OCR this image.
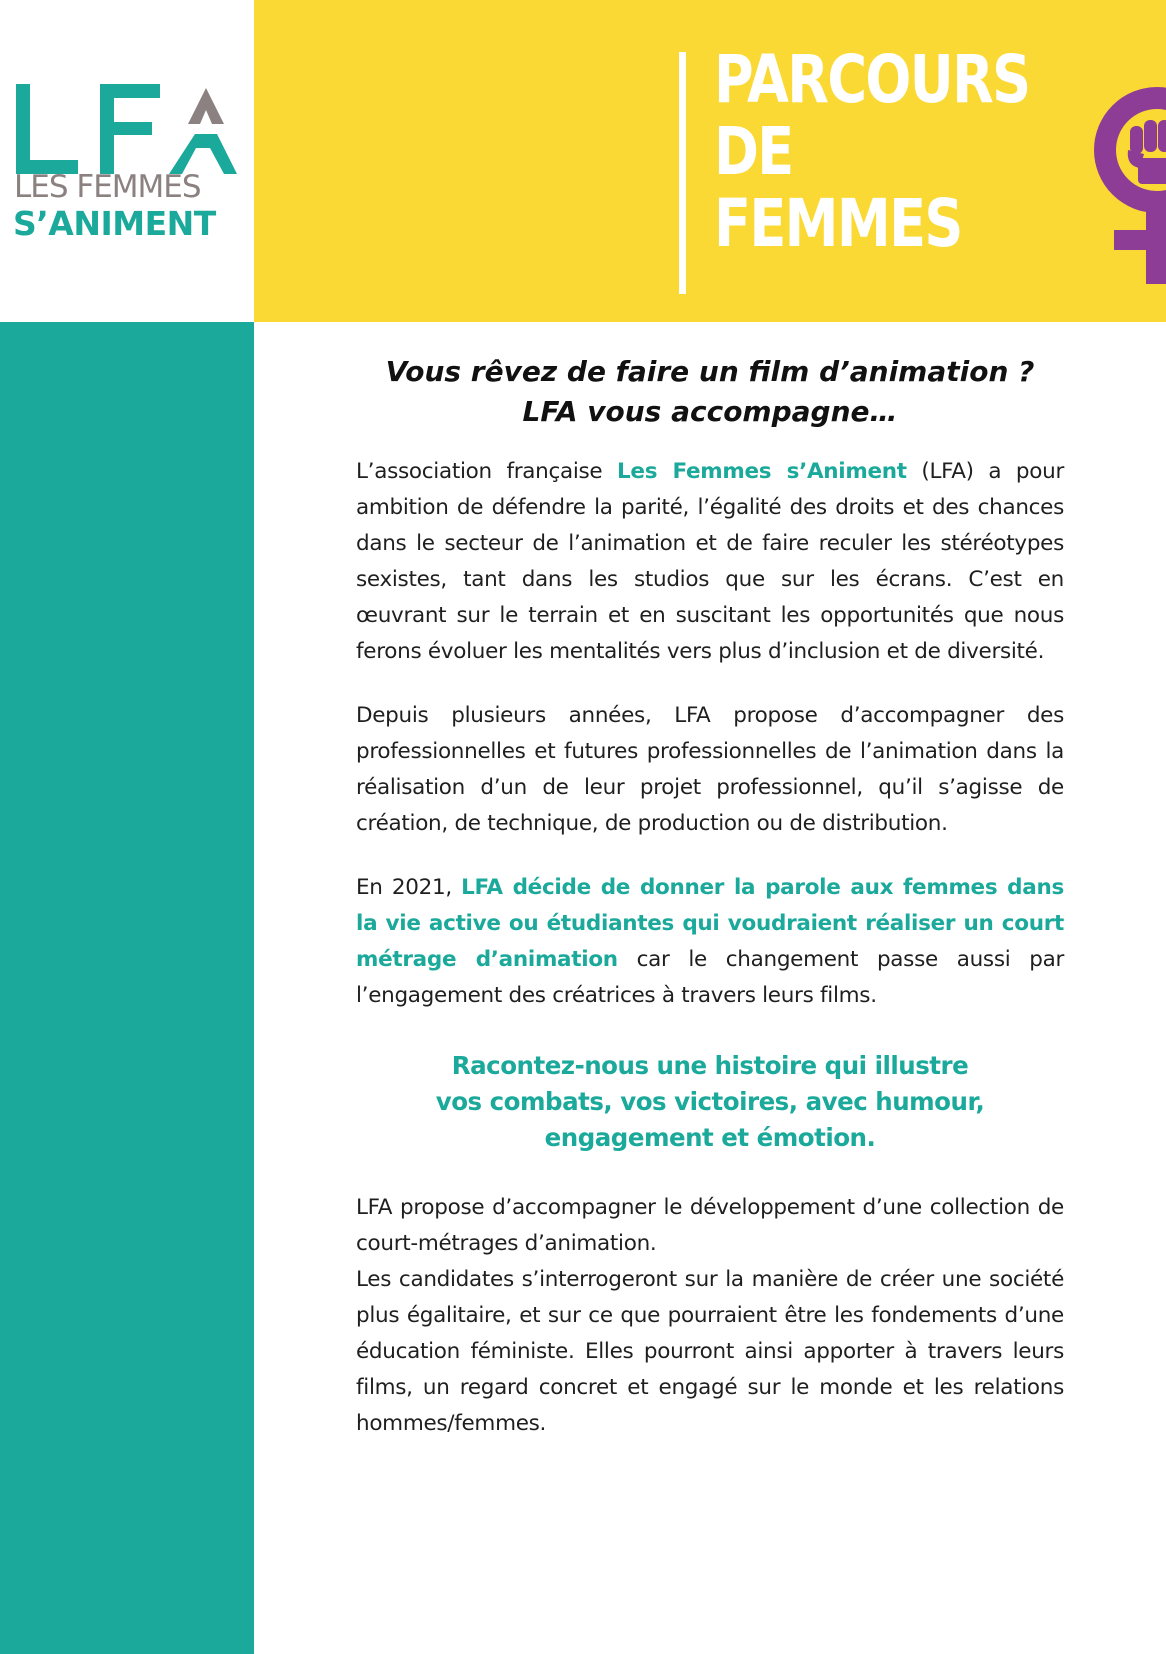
LES FEMMES
S’ANIMENT
PARCOURS
DE
FEMMES
Vous rêvez de faire un film d’animation ?
LFA vous accompagne…

L’association française Les Femmes s’Animent (LFA) a pour ambition de défendre la parité, l’égalité des droits et des chances dans le secteur de l’animation et de faire reculer les stéréotypes sexistes, tant dans les studios que sur les écrans. C’est en œuvrant sur le terrain et en suscitant les opportunités que nous ferons évoluer les mentalités vers plus d’inclusion et de diversité.

Depuis plusieurs années, LFA propose d’accompagner des professionnelles et futures professionnelles de l’animation dans la réalisation d’un de leur projet professionnel, qu’il s’agisse de création, de technique, de production ou de distribution.

En 2021, LFA décide de donner la parole aux femmes dans la vie active ou étudiantes qui voudraient réaliser un court métrage d’animation car le changement passe aussi par l’engagement des créatrices à travers leurs films.

Racontez-nous une histoire qui illustre
vos combats, vos victoires, avec humour,
engagement et émotion.

LFA propose d’accompagner le développement d’une collection de court-métrages d’animation.

Les candidates s’interrogeront sur la manière de créer une société plus égalitaire, et sur ce que pourraient être les fondements d’une éducation féministe. Elles pourront ainsi apporter à travers leurs films, un regard concret et engagé sur le monde et les relations hommes/femmes.
